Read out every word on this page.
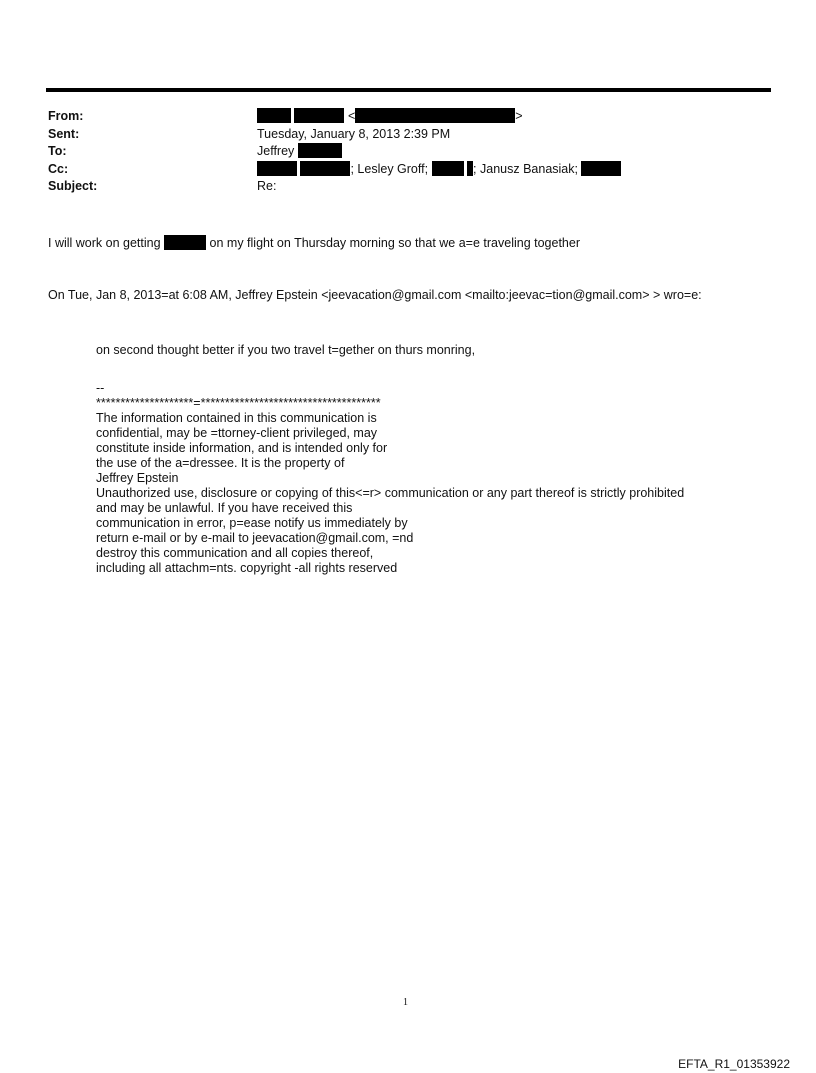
From:	<	>
Sent:	Tuesday, January 8, 2013 2:39 PM
To:	Jeffrey
Cc:	; Lesley Groff;	; Janusz Banasiak;
Subject:	Re:
I will work on getting	on my flight on Thursday morning so that we a=e traveling together
On Tue, Jan 8, 2013=at 6:08 AM, Jeffrey Epstein <jeevacation@gmail.com <mailto:jeevac=tion@gmail.com> > wro=e:
on second thought better if you two travel t=gether on thurs monring,
--
********************=*************************************
The information contained in this communication is
confidential, may be =ttorney-client privileged, may
constitute inside information, and is intended only for
the use of the a=dressee. It is the property of
Jeffrey Epstein
Unauthorized use, disclosure or copying of this<=r> communication or any part thereof is strictly prohibited
and may be unlawful. If you have received this
communication in error, p=ease notify us immediately by
return e-mail or by e-mail to jeevacation@gmail.com, =nd
destroy this communication and all copies thereof,
including all attachm=nts. copyright -all rights reserved
1
EFTA_R1_01353922
